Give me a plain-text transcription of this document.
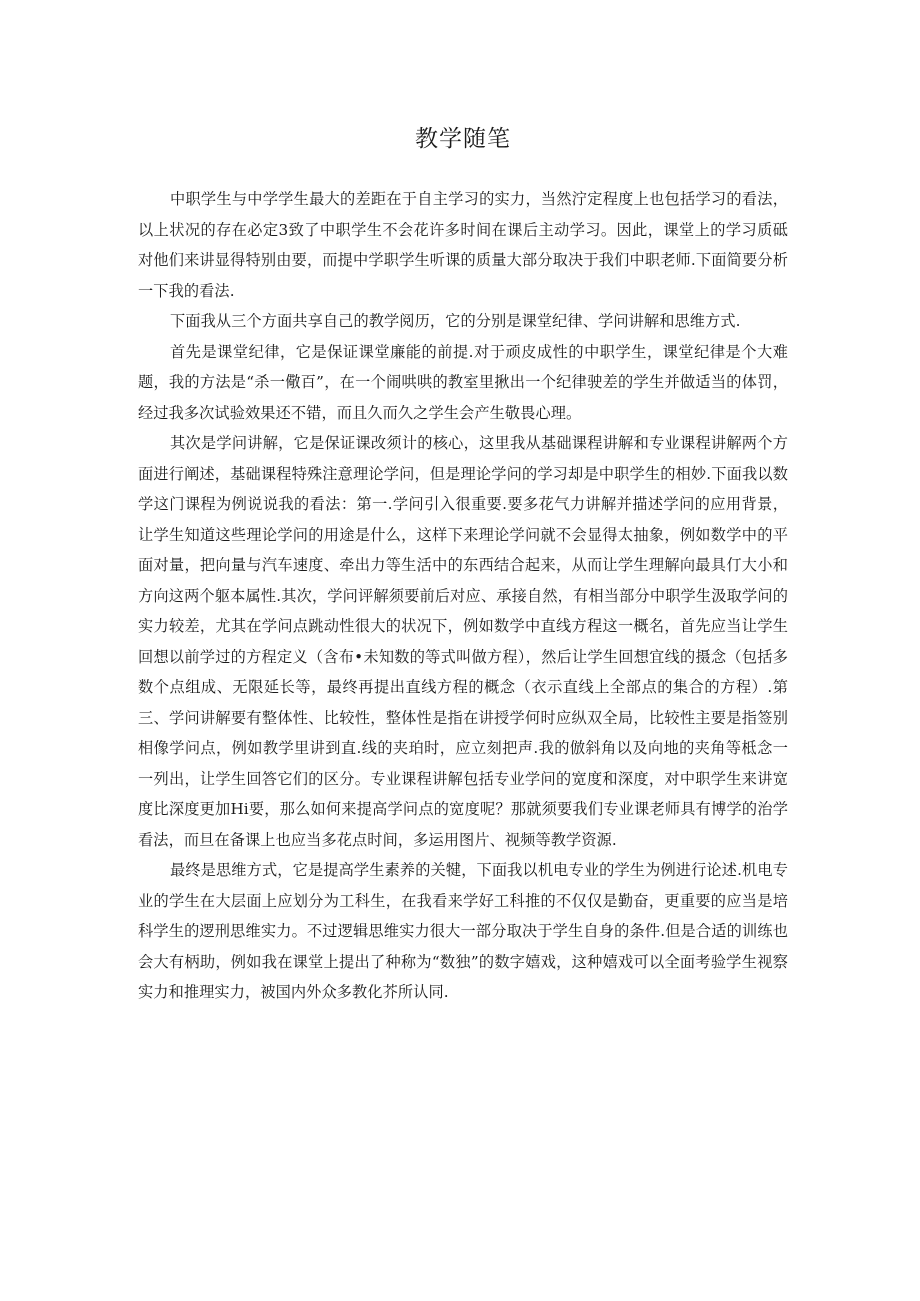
教学随笔

中职学生与中学学生最大的差距在于自主学习的实力，当然泞定程度上也包括学习的看法，以上状况的存在必定3致了中职学生不会花许多时间在课后主动学习。因此，课堂上的学习质砥对他们来讲显得特别由要，而提中学职学生听课的质量大部分取决于我们中职老师.下面简要分析一下我的看法.

下面我从三个方面共享自己的教学阅历，它的分别是课堂纪律、学问讲解和思维方式.

首先是课堂纪律，它是保证课堂廉能的前提.对于顽皮成性的中职学生，课堂纪律是个大难题，我的方法是“杀一儆百”，在一个闹哄哄的教室里揪出一个纪律驶差的学生并做适当的体罚，经过我多次试验效果还不错，而且久而久之学生会产生敬畏心理。

其次是学问讲解，它是保证课改须计的核心，这里我从基础课程讲解和专业课程讲解两个方面进行阐述，基础课程特殊注意理论学问，但是理论学问的学习却是中职学生的相妙.下面我以数学这门课程为例说说我的看法：第一.学问引入很重要.要多花气力讲解并描述学问的应用背景，让学生知道这些理论学问的用途是什么，这样下来理论学问就不会显得太抽象，例如数学中的平面对量，把向量与汽车速度、牵出力等生活中的东西结合起来，从而让学生理解向最具仃大小和方向这两个躯本属性.其次，学问评解须要前后对应、承接自然，有相当部分中职学生汲取学问的实力较差，尤其在学问点跳动性很大的状况下，例如数学中直线方程这一概名，首先应当让学生回想以前学过的方程定义（含布•未知数的等式叫做方程），然后让学生回想宜线的摄念（包括多数个点组成、无限延长等，最终再提出直线方程的概念（衣示直线上全部点的集合的方程）.第三、学问讲解要有整体性、比较性，整体性是指在讲授学何时应纵双全局，比较性主要是指签别相像学问点，例如教学里讲到直.线的夹珀时，应立刻把声.我的倣斜角以及向地的夹角等柢念一一列出，让学生回答它们的区分。专业课程讲解包括专业学问的宽度和深度，对中职学生来讲宽度比深度更加Hi要，那么如何来提高学问点的宽度呢？那就须要我们专业课老师具有博学的治学看法，而旦在备课上也应当多花点时间，多运用图片、视频等教学资源.

最终是思维方式，它是提高学生素养的关犍，下面我以机电专业的学生为例进行论述.机电专业的学生在大层面上应划分为工科生，在我看来学好工科推的不仅仅是勤奋，更重要的应当是培科学生的逻刑思维实力。不过逻辑思维实力很大一部分取决于学生自身的条件.但是合适的训练也会大有柄助，例如我在课堂上提出了种称为“数独”的数字嬉戏，这种嬉戏可以全面考验学生视察实力和推理实力，被国内外众多教化芥所认同.
